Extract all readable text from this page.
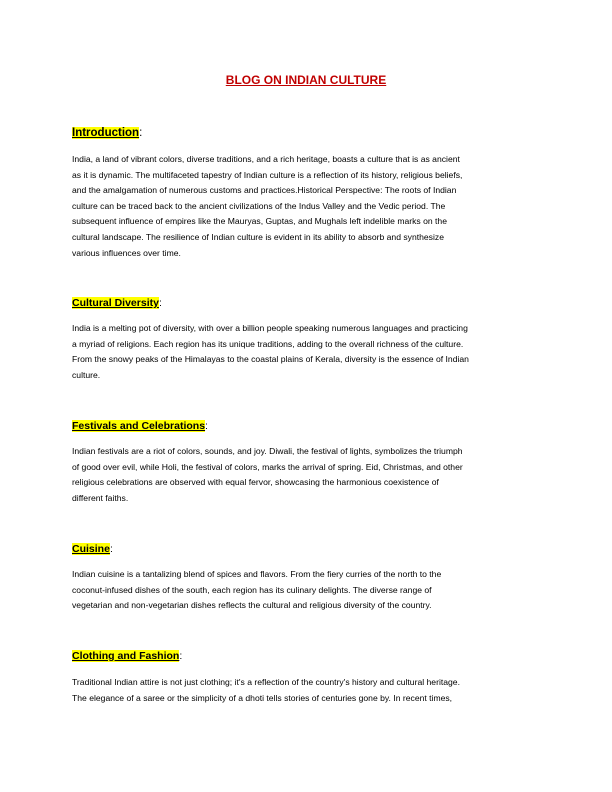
BLOG ON INDIAN CULTURE
Introduction:
India, a land of vibrant colors, diverse traditions, and a rich heritage, boasts a culture that is as ancient
as it is dynamic. The multifaceted tapestry of Indian culture is a reflection of its history, religious beliefs,
and the amalgamation of numerous customs and practices.Historical Perspective: The roots of Indian
culture can be traced back to the ancient civilizations of the Indus Valley and the Vedic period. The
subsequent influence of empires like the Mauryas, Guptas, and Mughals left indelible marks on the
cultural landscape. The resilience of Indian culture is evident in its ability to absorb and synthesize
various influences over time.
Cultural Diversity:
India is a melting pot of diversity, with over a billion people speaking numerous languages and practicing
a myriad of religions. Each region has its unique traditions, adding to the overall richness of the culture.
From the snowy peaks of the Himalayas to the coastal plains of Kerala, diversity is the essence of Indian
culture.
Festivals and Celebrations:
Indian festivals are a riot of colors, sounds, and joy. Diwali, the festival of lights, symbolizes the triumph
of good over evil, while Holi, the festival of colors, marks the arrival of spring. Eid, Christmas, and other
religious celebrations are observed with equal fervor, showcasing the harmonious coexistence of
different faiths.
Cuisine:
Indian cuisine is a tantalizing blend of spices and flavors. From the fiery curries of the north to the
coconut-infused dishes of the south, each region has its culinary delights. The diverse range of
vegetarian and non-vegetarian dishes reflects the cultural and religious diversity of the country.
Clothing and Fashion:
Traditional Indian attire is not just clothing; it's a reflection of the country's history and cultural heritage.
The elegance of a saree or the simplicity of a dhoti tells stories of centuries gone by. In recent times,
